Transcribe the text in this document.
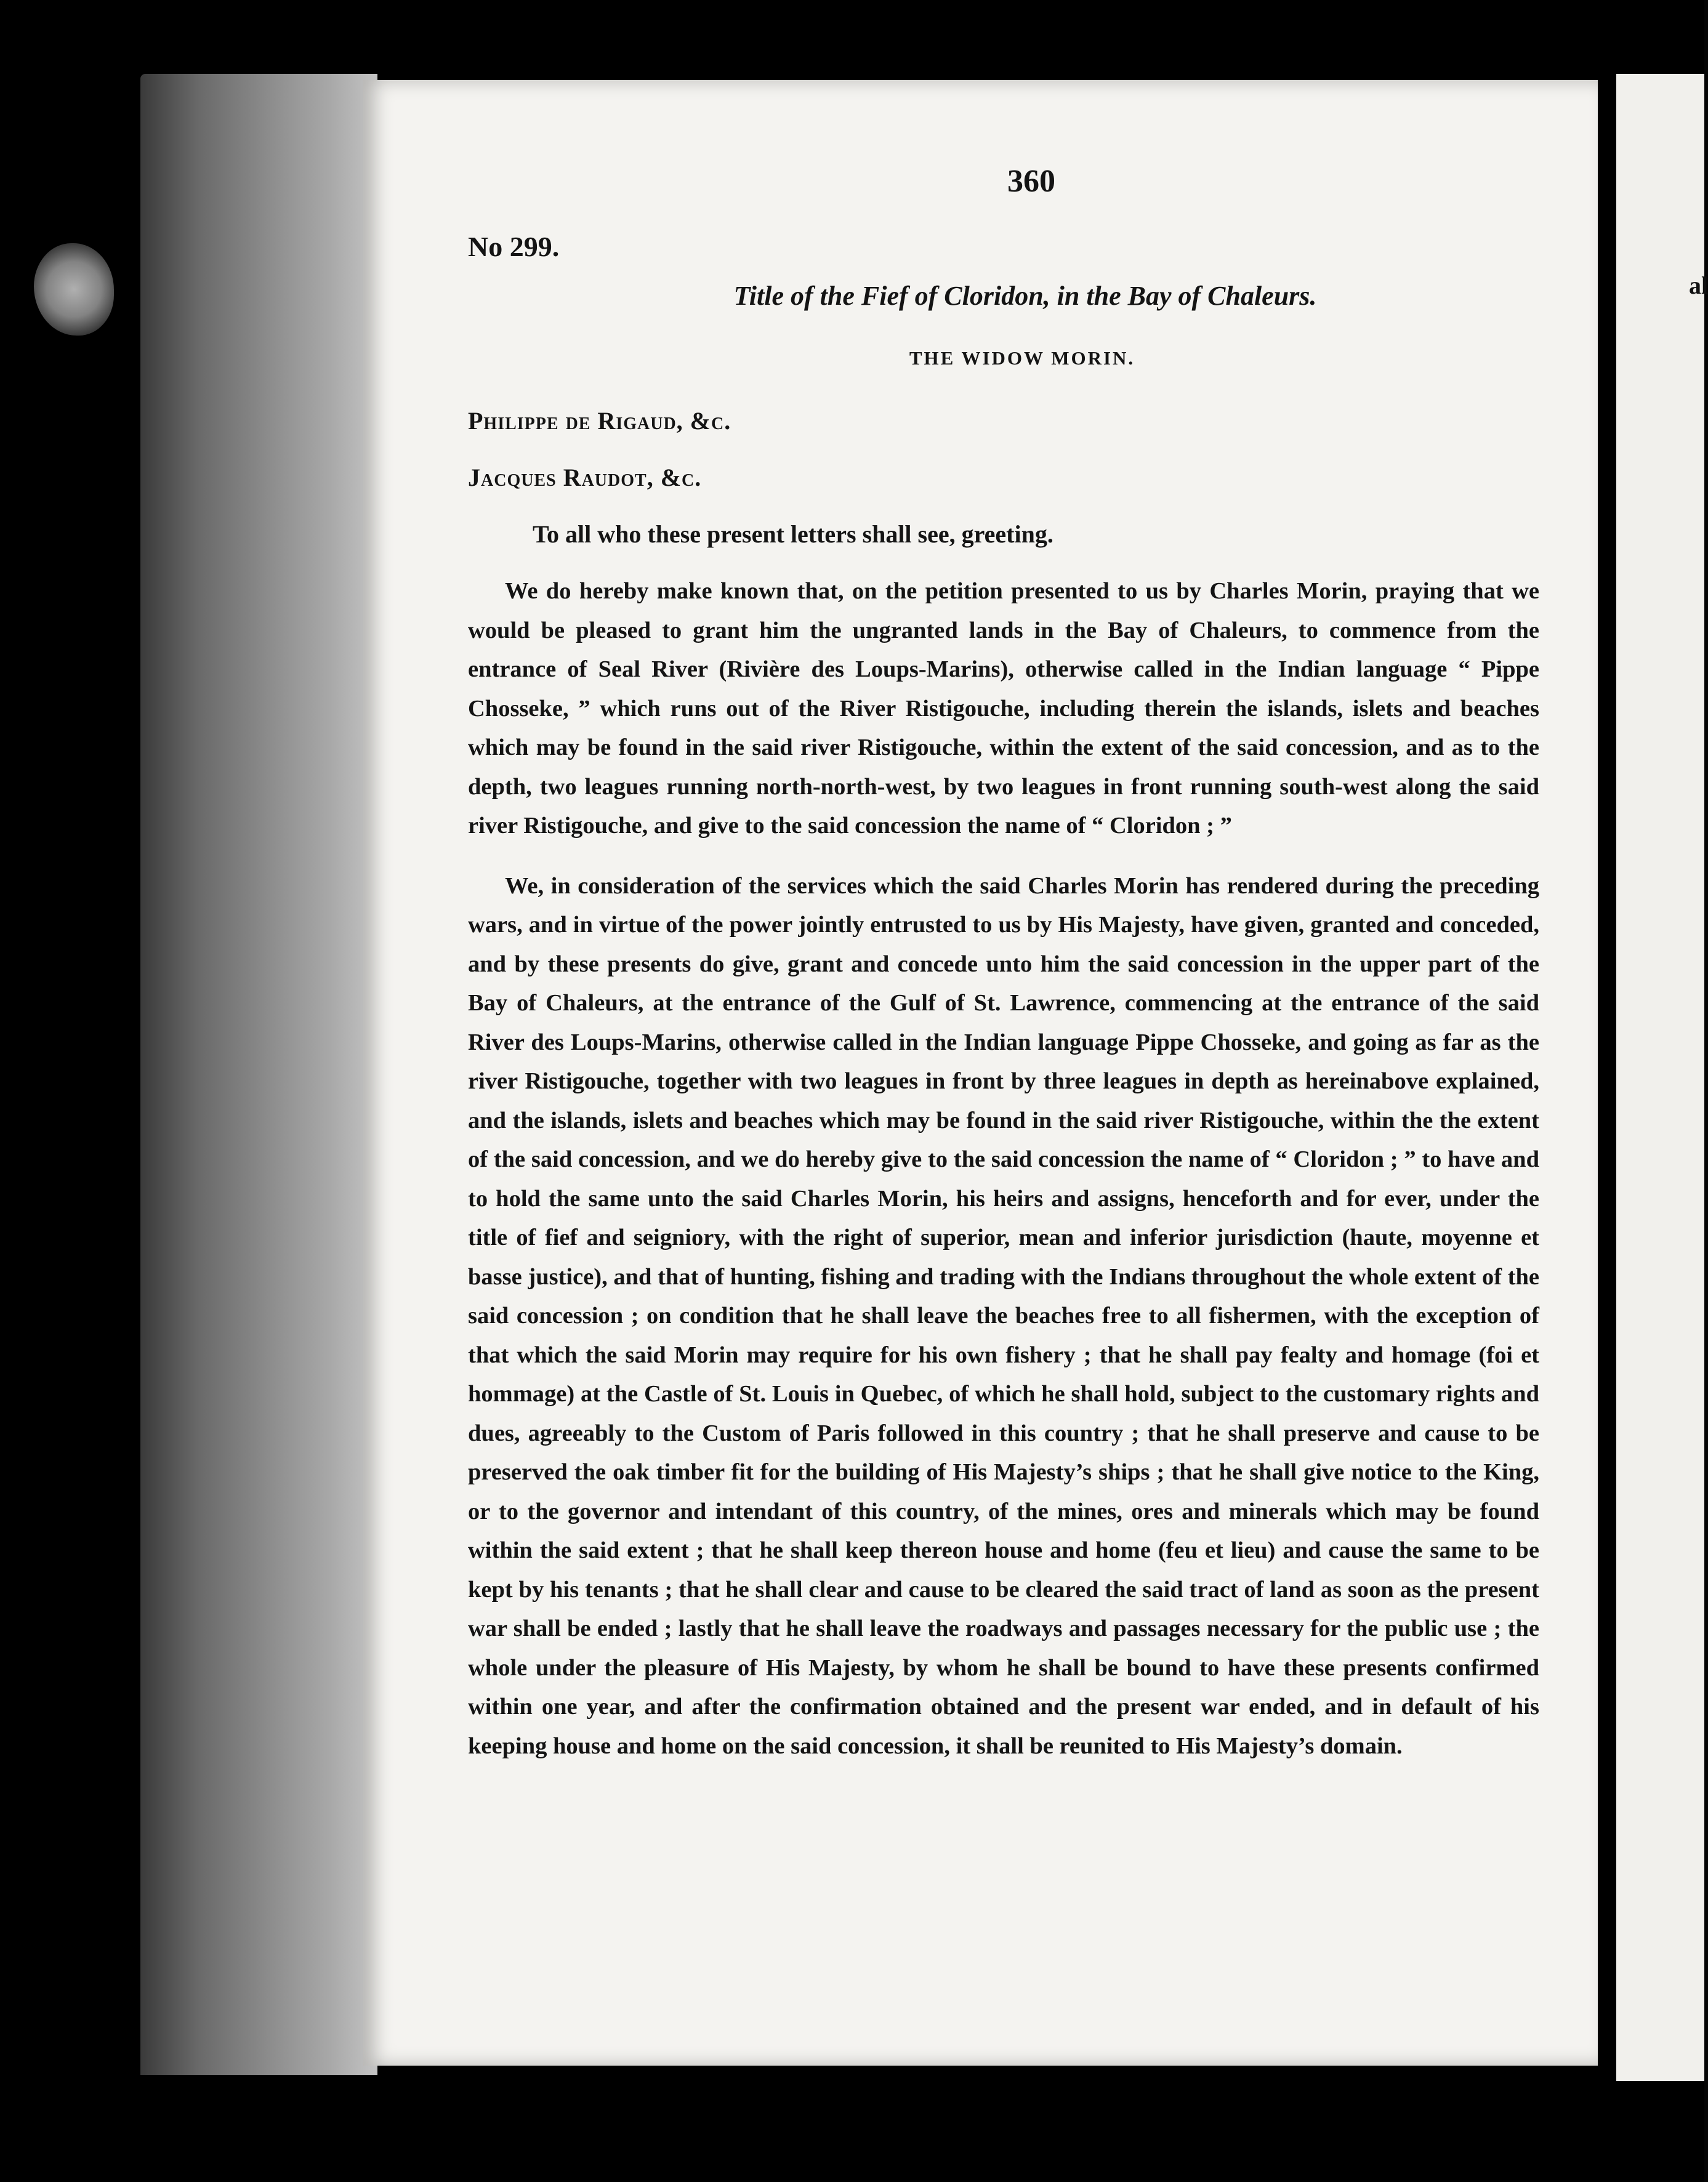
al
360
No 299.
Title of the Fief of Cloridon, in the Bay of Chaleurs.
THE WIDOW MORIN.
Philippe de Rigaud, &c.
Jacques Raudot, &c.
To all who these present letters shall see, greeting.

We do hereby make known that, on the petition presented to us by Charles Morin, praying that we would be pleased to grant him the ungranted lands in the Bay of Chaleurs, to commence from the entrance of Seal River (Rivière des Loups-Marins), otherwise called in the Indian language “ Pippe Chosseke, ” which runs out of the River Ristigouche, including therein the islands, islets and beaches which may be found in the said river Ristigouche, within the extent of the said concession, and as to the depth, two leagues running north-north-west, by two leagues in front running south-west along the said river Ristigouche, and give to the said concession the name of “ Cloridon ; ”

We, in consideration of the services which the said Charles Morin has rendered during the preceding wars, and in virtue of the power jointly entrusted to us by His Majesty, have given, granted and conceded, and by these presents do give, grant and concede unto him the said concession in the upper part of the Bay of Chaleurs, at the entrance of the Gulf of St. Lawrence, commencing at the entrance of the said River des Loups-Marins, otherwise called in the Indian language Pippe Chosseke, and going as far as the river Ristigouche, together with two leagues in front by three leagues in depth as hereinabove explained, and the islands, islets and beaches which may be found in the said river Ristigouche, within the the extent of the said concession, and we do hereby give to the said concession the name of “ Cloridon ; ” to have and to hold the same unto the said Charles Morin, his heirs and assigns, henceforth and for ever, under the title of fief and seigniory, with the right of superior, mean and inferior jurisdiction (haute, moyenne et basse justice), and that of hunting, fishing and trading with the Indians throughout the whole extent of the said concession ; on condition that he shall leave the beaches free to all fishermen, with the exception of that which the said Morin may require for his own fishery ; that he shall pay fealty and homage (foi et hommage) at the Castle of St. Louis in Quebec, of which he shall hold, subject to the customary rights and dues, agreeably to the Custom of Paris followed in this country ; that he shall preserve and cause to be preserved the oak timber fit for the building of His Majesty’s ships ; that he shall give notice to the King, or to the governor and intendant of this country, of the mines, ores and minerals which may be found within the said extent ; that he shall keep thereon house and home (feu et lieu) and cause the same to be kept by his tenants ; that he shall clear and cause to be cleared the said tract of land as soon as the present war shall be ended ; lastly that he shall leave the roadways and passages necessary for the public use ; the whole under the pleasure of His Majesty, by whom he shall be bound to have these presents confirmed within one year, and after the confirmation obtained and the present war ended, and in default of his keeping house and home on the said concession, it shall be reunited to His Majesty’s domain.
